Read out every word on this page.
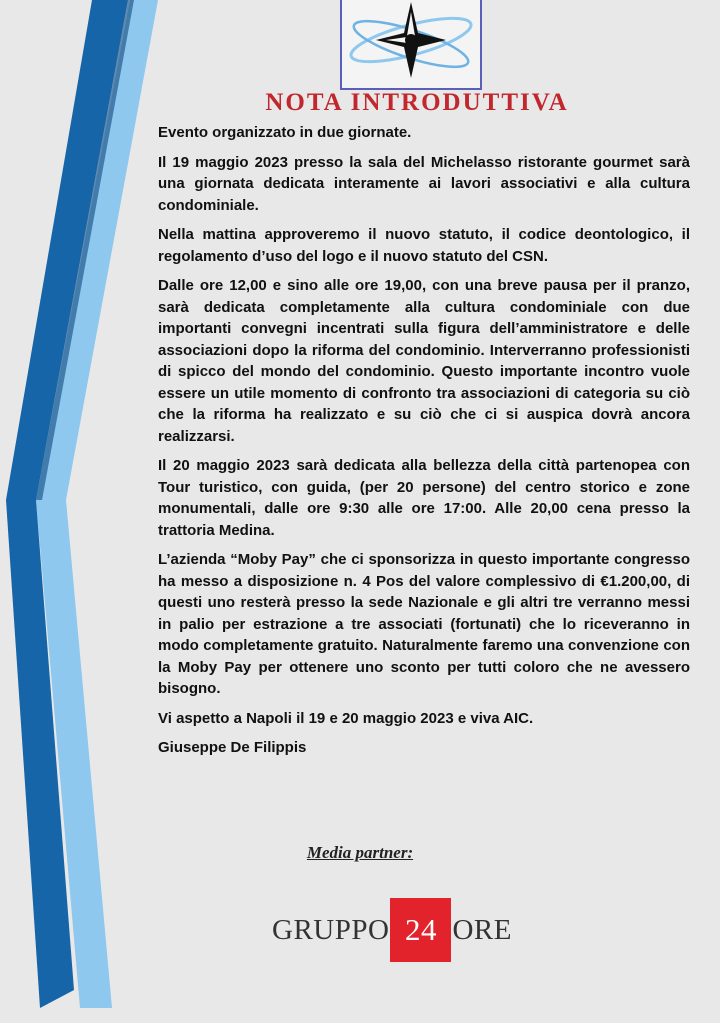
NOTA INTRODUTTIVA

Evento organizzato in due giornate.

Il 19 maggio 2023 presso la sala del Michelasso ristorante gourmet sarà una giornata dedicata interamente ai lavori associativi e alla cultura condominiale.

Nella mattina approveremo il nuovo statuto, il codice deontologico, il regolamento d’uso del logo e il nuovo statuto del CSN.

Dalle ore 12,00 e sino alle ore 19,00, con una breve pausa per il pranzo, sarà dedicata completamente alla cultura condominiale con due importanti convegni incentrati sulla figura dell’amministratore e delle associazioni dopo la riforma del condominio. Interverranno professionisti di spicco del mondo del condominio. Questo importante incontro vuole essere un utile momento di confronto tra associazioni di categoria su ciò che la riforma ha realizzato e su ciò che ci si auspica dovrà ancora realizzarsi.

Il 20 maggio 2023 sarà dedicata alla bellezza della città partenopea con Tour turistico, con guida, (per 20 persone) del centro storico e zone monumentali, dalle ore 9:30 alle ore 17:00. Alle 20,00 cena presso la trattoria Medina.

L’azienda “Moby Pay” che ci sponsorizza in questo importante congresso ha messo a disposizione n. 4 Pos del valore complessivo di €1.200,00, di questi uno resterà presso la sede Nazionale e gli altri tre verranno messi in palio per estrazione a tre associati (fortunati) che lo riceveranno in modo completamente gratuito. Naturalmente faremo una convenzione con la Moby Pay per ottenere uno sconto per tutti coloro che ne avessero bisogno.

Vi aspetto a Napoli il 19 e 20 maggio 2023 e viva AIC.

Giuseppe De Filippis

Media partner:
GRUPPO 24 ORE
